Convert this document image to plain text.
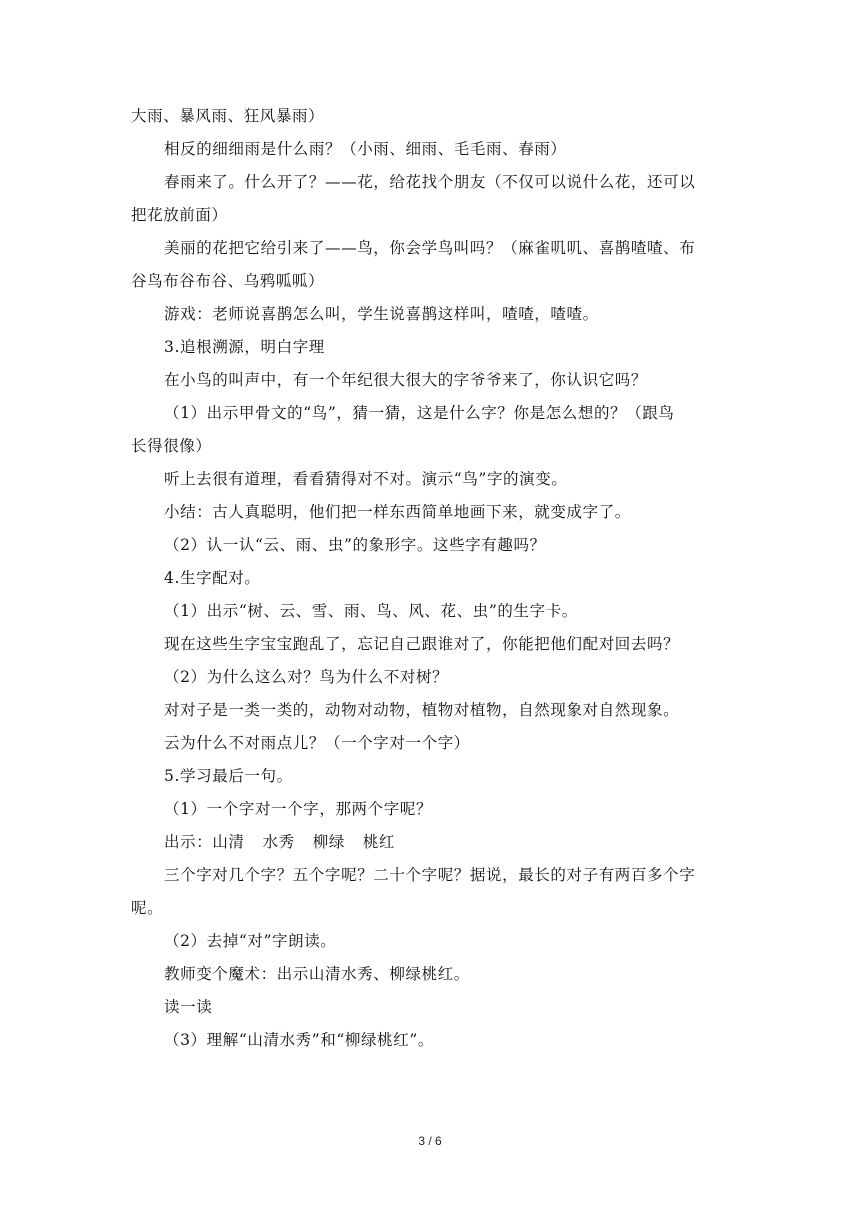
大雨、暴风雨、狂风暴雨）
相反的细细雨是什么雨？（小雨、细雨、毛毛雨、春雨）
春雨来了。什么开了？——花，给花找个朋友（不仅可以说什么花，还可以
把花放前面）
美丽的花把它给引来了——鸟，你会学鸟叫吗？（麻雀叽叽、喜鹊喳喳、布
谷鸟布谷布谷、乌鸦呱呱）
游戏：老师说喜鹊怎么叫，学生说喜鹊这样叫，喳喳，喳喳。
3.追根溯源，明白字理
在小鸟的叫声中，有一个年纪很大很大的字爷爷来了，你认识它吗？
（1）出示甲骨文的“鸟”，猜一猜，这是什么字？你是怎么想的？（跟鸟
长得很像）
听上去很有道理，看看猜得对不对。演示“鸟”字的演变。
小结：古人真聪明，他们把一样东西简单地画下来，就变成字了。
（2）认一认“云、雨、虫”的象形字。这些字有趣吗？
4.生字配对。
（1）出示“树、云、雪、雨、鸟、风、花、虫”的生字卡。
现在这些生字宝宝跑乱了，忘记自己跟谁对了，你能把他们配对回去吗？
（2）为什么这么对？鸟为什么不对树？
对对子是一类一类的，动物对动物，植物对植物，自然现象对自然现象。
云为什么不对雨点儿？（一个字对一个字）
5.学习最后一句。
（1）一个字对一个字，那两个字呢？
出示：山清 水秀 柳绿 桃红
三个字对几个字？五个字呢？二十个字呢？据说，最长的对子有两百多个字
呢。
（2）去掉“对”字朗读。
教师变个魔术：出示山清水秀、柳绿桃红。
读一读
（3）理解“山清水秀”和“柳绿桃红”。
3 / 6
